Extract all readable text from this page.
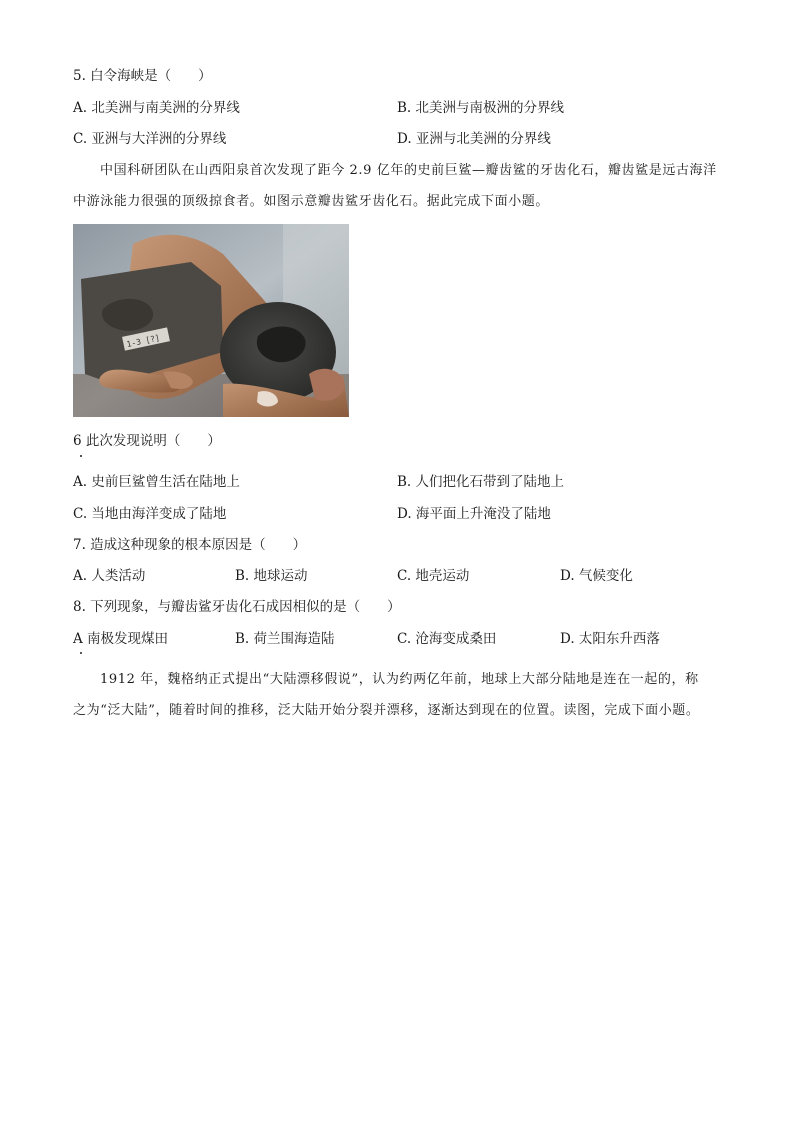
5. 白令海峡是（　　）
A. 北美洲与南美洲的分界线	B. 北美洲与南极洲的分界线
C. 亚洲与大洋洲的分界线	D. 亚洲与北美洲的分界线
中国科研团队在山西阳泉首次发现了距今 2.9 亿年的史前巨鲨—瓣齿鲨的牙齿化石，瓣齿鲨是远古海洋
中游泳能力很强的顶级掠食者。如图示意瓣齿鲨牙齿化石。据此完成下面小题。
1-3 [?]
6 此次发现说明（　　）
A. 史前巨鲨曾生活在陆地上	B. 人们把化石带到了陆地上
C. 当地由海洋变成了陆地	D. 海平面上升淹没了陆地
7. 造成这种现象的根本原因是（　　）
A. 人类活动	B. 地球运动	C. 地壳运动	D. 气候变化
8. 下列现象，与瓣齿鲨牙齿化石成因相似的是（　　）
A 南极发现煤田	B. 荷兰围海造陆	C. 沧海变成桑田	D. 太阳东升西落
1912 年，魏格纳正式提出“大陆漂移假说”，认为约两亿年前，地球上大部分陆地是连在一起的，称
之为“泛大陆”，随着时间的推移，泛大陆开始分裂并漂移，逐渐达到现在的位置。读图，完成下面小题。
